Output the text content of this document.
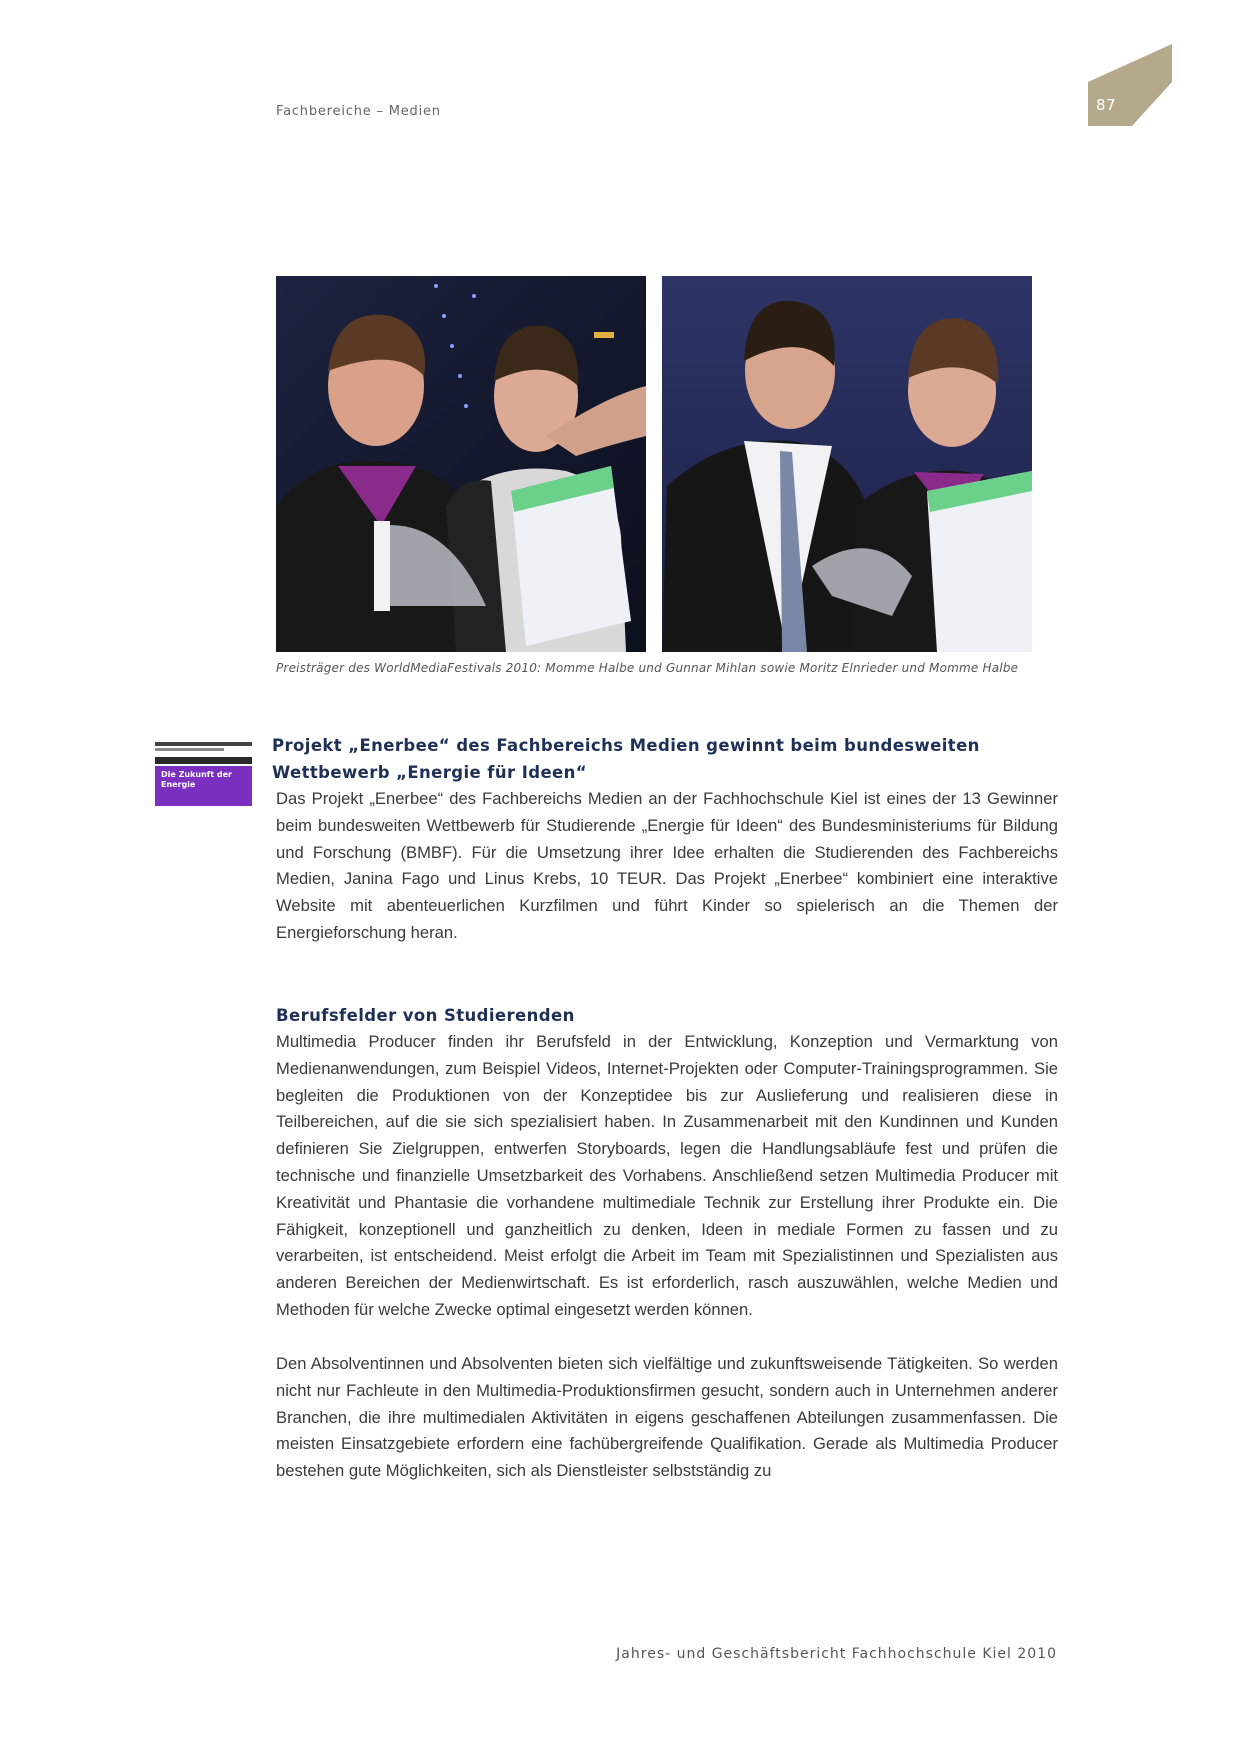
Fachbereiche – Medien	87
Preisträger des WorldMediaFestivals 2010: Momme Halbe und Gunnar Mihlan sowie Moritz Elnrieder und Momme Halbe
Die Zukunft der Energie
Projekt „Enerbee“ des Fachbereichs Medien gewinnt beim bundesweiten Wettbewerb „Energie für Ideen“
Das Projekt „Enerbee“ des Fachbereichs Medien an der Fachhochschule Kiel ist eines der 13 Gewinner beim bundesweiten Wettbewerb für Studierende „Energie für Ideen“ des Bundesministeriums für Bildung und Forschung (BMBF). Für die Umsetzung ihrer Idee erhalten die Studierenden des Fachbereichs Medien, Janina Fago und Linus Krebs, 10 TEUR. Das Projekt „Enerbee“ kombiniert eine interaktive Website mit abenteuerlichen Kurzfilmen und führt Kinder so spielerisch an die Themen der Energieforschung heran.
Berufsfelder von Studierenden
Multimedia Producer finden ihr Berufsfeld in der Entwicklung, Konzeption und Vermarktung von Medienanwendungen, zum Beispiel Videos, Internet-Projekten oder Computer-Trainingsprogrammen. Sie begleiten die Produktionen von der Konzeptidee bis zur Auslieferung und realisieren diese in Teilbereichen, auf die sie sich spezialisiert haben. In Zusammenarbeit mit den Kundinnen und Kunden definieren Sie Zielgruppen, entwerfen Storyboards, legen die Handlungsabläufe fest und prüfen die technische und finanzielle Umsetzbarkeit des Vorhabens. Anschließend setzen Multimedia Producer mit Kreativität und Phantasie die vorhandene multimediale Technik zur Erstellung ihrer Produkte ein. Die Fähigkeit, konzeptionell und ganzheitlich zu denken, Ideen in mediale Formen zu fassen und zu verarbeiten, ist entscheidend. Meist erfolgt die Arbeit im Team mit Spezialistinnen und Spezialisten aus anderen Bereichen der Medienwirtschaft. Es ist erforderlich, rasch auszuwählen, welche Medien und Methoden für welche Zwecke optimal eingesetzt werden können.
Den Absolventinnen und Absolventen bieten sich vielfältige und zukunftsweisende Tätigkeiten. So werden nicht nur Fachleute in den Multimedia-Produktionsfirmen gesucht, sondern auch in Unternehmen anderer Branchen, die ihre multimedialen Aktivitäten in eigens geschaffenen Abteilungen zusammenfassen. Die meisten Einsatzgebiete erfordern eine fachübergreifende Qualifikation. Gerade als Multimedia Producer bestehen gute Möglichkeiten, sich als Dienstleister selbstständig zu
Jahres- und Geschäftsbericht Fachhochschule Kiel 2010
